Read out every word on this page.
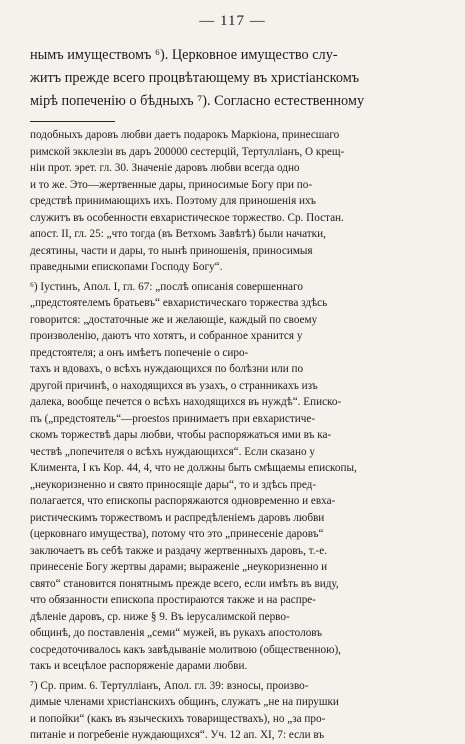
— 117 —
нымъ имуществомъ ⁶). Церковное имущество слу-
житъ прежде всего процвѣтающему въ христіанскомъ
мірѣ попеченію о бѣдныхъ ⁷). Согласно естественному
подобныхъ даровъ любви даетъ подарокъ Маркіона, принесшаго
римской экклезіи въ даръ 200000 сестерцій, Тертулліанъ, О крещ-
ніи прот. эрет. гл. 30. Значеніе даровъ любви всегда одно
и то же. Это—жертвенные дары, приносимые Богу при по-
средствѣ принимающихъ ихъ. Поэтому для приношенія ихъ
служитъ въ особенности евхаристическое торжество. Ср. Постан.
апост. II, гл. 25: „что тогда (въ Ветхомъ Завѣтѣ) были начатки,
десятины, части и дары, то нынѣ приношенія, приносимыя
праведными епископами Господу Богу“.
⁶) Іустинъ, Апол. I, гл. 67: „послѣ описанія совершеннаго
„предстоятелемъ братьевъ“ евхаристическаго торжества здѣсь
говорится: „достаточные же и желающіе, каждый по своему
произволенію, даютъ что хотятъ, и собранное хранится у
предстоятеля; а онъ имѣетъ попеченіе о сиро-
тахъ и вдовахъ, о всѣхъ нуждающихся по болѣзни или по
другой причинѣ, о находящихся въ узахъ, о странникахъ изъ
далека, вообще печется о всѣхъ находящихся въ нуждѣ“. Еписко-
пъ („предстоятель“—proestos принимаетъ при евхаристиче-
скомъ торжествѣ дары любви, чтобы распоряжаться ими въ ка-
чествѣ „попечителя о всѣхъ нуждающихся“. Если сказано у
Климента, I къ Кор. 44, 4, что не должны быть смѣщаемы епископы,
„неукоризненно и свято приносящіе дары“, то и здѣсь пред-
полагается, что епископы распоряжаются одновременно и евха-
ристическимъ торжествомъ и распредѣленіемъ даровъ любви
(церковнаго имущества), потому что это „принесеніе даровъ“
заключаетъ въ себѣ также и раздачу жертвенныхъ даровъ, т.-е.
принесеніе Богу жертвы дарами; выраженіе „неукоризненно и
свято“ становится понятнымъ прежде всего, если имѣть въ виду,
что обязанности епископа простираются также и на распре-
дѣленіе даровъ, ср. ниже § 9. Въ іерусалимской перво-
общинѣ, до поставленія „семи“ мужей, въ рукахъ апостоловъ
сосредоточивалось какъ завѣдываніе молитвою (общественною),
такъ и всецѣлое распоряженіе дарами любви.
⁷) Ср. прим. 6. Тертулліанъ, Апол. гл. 39: взносы, произво-
димые членами христіанскихъ общинъ, служатъ „не на пирушки
и попойки“ (какъ въ языческихъ товариществахъ), но „за про-
питаніе и погребеніе нуждающихся“. Уч. 12 ап. XI, 7: если въ
